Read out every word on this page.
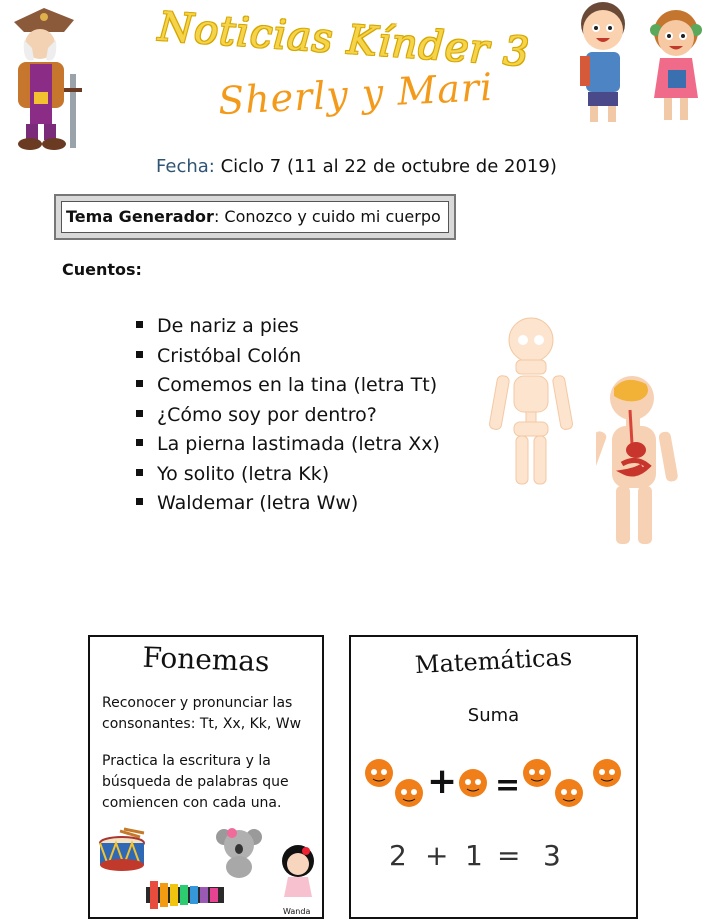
Noticias Kínder 3
Sherly y Mari
Fecha: Ciclo 7 (11 al 22 de octubre de 2019)
Tema Generador: Conozco y cuido mi cuerpo
Cuentos:
De nariz a pies
Cristóbal Colón
Comemos en la tina (letra Tt)
¿Cómo soy por dentro?
La pierna lastimada (letra Xx)
Yo solito (letra Kk)
Waldemar (letra Ww)
Fonemas
Reconocer y pronunciar las consonantes: Tt, Xx, Kk, Ww
Practica la escritura y la búsqueda de palabras que comiencen con cada una.
Wanda
Matemáticas
Suma
+ =
2 + 1 = 3
